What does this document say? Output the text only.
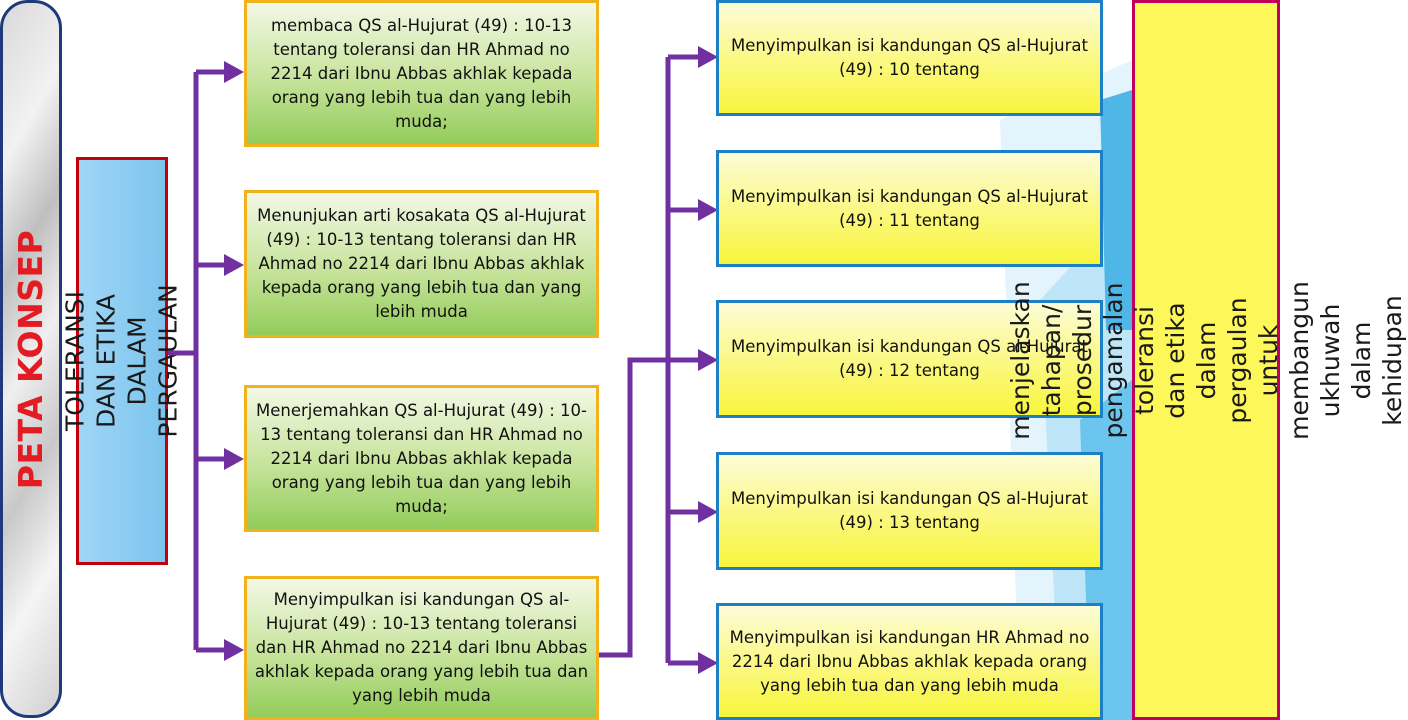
PETA KONSEP TOLERANSI DAN ETIKA DALAM PERGAULAN
membaca QS al-Hujurat (49) : 10-13 tentang toleransi dan HR Ahmad no 2214 dari Ibnu Abbas akhlak kepada orang yang lebih tua dan yang lebih muda;
Menunjukan arti kosakata QS al-Hujurat (49) : 10-13 tentang toleransi dan HR Ahmad no 2214 dari Ibnu Abbas akhlak kepada orang yang lebih tua dan yang lebih muda
Menerjemahkan QS al-Hujurat (49) : 10-13 tentang toleransi dan HR Ahmad no 2214 dari Ibnu Abbas akhlak kepada orang yang lebih tua dan yang lebih muda;
Menyimpulkan isi kandungan QS al-Hujurat (49) : 10-13 tentang toleransi dan HR Ahmad no 2214 dari Ibnu Abbas akhlak kepada orang yang lebih tua dan yang lebih muda
Menyimpulkan isi kandungan QS al-Hujurat (49) : 10 tentang
Menyimpulkan isi kandungan QS al-Hujurat (49) : 11 tentang
Menyimpulkan isi kandungan QS al-Hujurat (49) : 12 tentang
Menyimpulkan isi kandungan QS al-Hujurat (49) : 13 tentang
Menyimpulkan isi kandungan HR Ahmad no 2214 dari Ibnu Abbas akhlak kepada orang yang lebih tua dan yang lebih muda
menjelaskan tahapan/ prosedur pengamalan toleransi dan etika dalam pergaulan untuk membangun ukhuwah dalam kehidupan
